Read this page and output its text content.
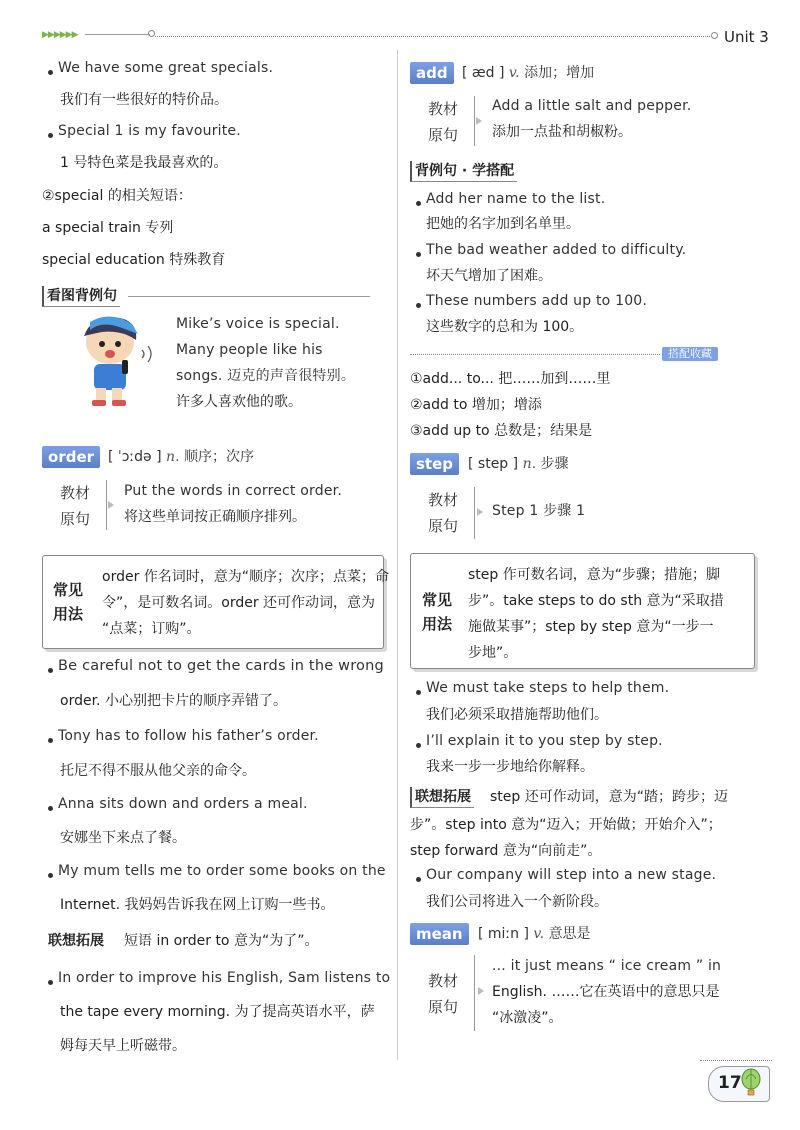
▶▶▶▶▶▶	Unit 3
We have some great specials.
我们有一些很好的特价品。
Special 1 is my favourite.
1 号特色菜是我最喜欢的。
②special 的相关短语：
a special train 专列
special education 特殊教育
看图背例句
Mike’s voice is special.
Many people like his
songs. 迈克的声音很特别。
许多人喜欢他的歌。
order [ ˈɔːdə ] n. 顺序；次序
教材
原句
Put the words in correct order.
将这些单词按正确顺序排列。
常见
用法
order 作名词时，意为“顺序；次序；点菜；命
令”，是可数名词。order 还可作动词，意为
“点菜；订购”。
Be careful not to get the cards in the wrong
order. 小心别把卡片的顺序弄错了。
Tony has to follow his father’s order.
托尼不得不服从他父亲的命令。
Anna sits down and orders a meal.
安娜坐下来点了餐。
My mum tells me to order some books on the
Internet. 我妈妈告诉我在网上订购一些书。
联想拓展 短语 in order to 意为“为了”。
In order to improve his English, Sam listens to
the tape every morning. 为了提高英语水平，萨
姆每天早上听磁带。
add	[ æd ] v. 添加；增加
教材
原句
Add a little salt and pepper.
添加一点盐和胡椒粉。
背例句 · 学搭配
Add her name to the list.
把她的名字加到名单里。
The bad weather added to difficulty.
坏天气增加了困难。
These numbers add up to 100.
这些数字的总和为 100。
搭配收藏
①add... to... 把……加到……里
②add to 增加；增添
③add up to 总数是；结果是
step	[ step ] n. 步骤
教材
原句
Step 1 步骤 1
常见
用法
step 作可数名词，意为“步骤；措施；脚
步”。take steps to do sth 意为“采取措
施做某事”；step by step 意为“一步一
步地”。
We must take steps to help them.
我们必须采取措施帮助他们。
I’ll explain it to you step by step.
我来一步一步地给你解释。
联想拓展 step 还可作动词，意为“踏；跨步；迈
步”。step into 意为“迈入；开始做；开始介入”；
step forward 意为“向前走”。
Our company will step into a new stage.
我们公司将进入一个新阶段。
mean	[ miːn ] v. 意思是
教材
原句
... it just means “ ice cream ” in
English. ……它在英语中的意思只是
“冰激凌”。
17
